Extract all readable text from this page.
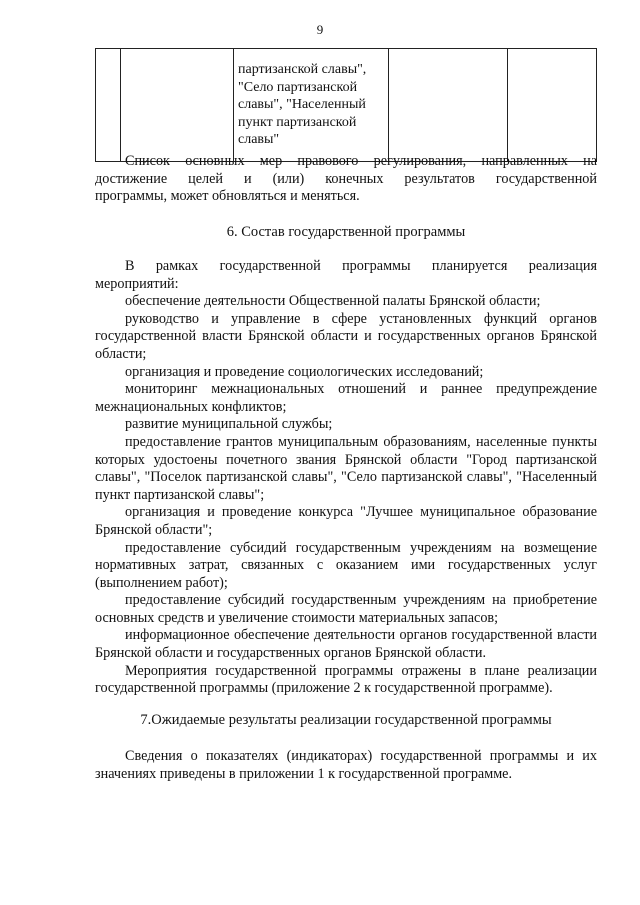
9
партизанской славы",
"Село партизанской
славы", "Населенный
пункт партизанской
славы"
Список основных мер правового регулирования, направленных на
достижение целей и (или) конечных результатов государственной
программы, может обновляться и меняться.
6. Состав государственной программы
В рамках государственной программы планируется реализация
мероприятий:

обеспечение деятельности Общественной палаты Брянской области;

руководство и управление в сфере установленных функций органов государственной власти Брянской области и государственных органов Брянской области;

организация и проведение социологических исследований;

мониторинг межнациональных отношений и раннее предупреждение межнациональных конфликтов;

развитие муниципальной службы;

предоставление грантов муниципальным образованиям, населенные пункты которых удостоены почетного звания Брянской области "Город партизанской славы", "Поселок партизанской славы", "Село партизанской славы", "Населенный пункт партизанской славы";

организация и проведение конкурса "Лучшее муниципальное образование Брянской области";

предоставление субсидий государственным учреждениям на возмещение нормативных затрат, связанных с оказанием ими государственных услуг (выполнением работ);

предоставление субсидий государственным учреждениям на приобретение основных средств и увеличение стоимости материальных запасов;

информационное обеспечение деятельности органов государственной власти Брянской области и государственных органов Брянской области.

Мероприятия государственной программы отражены в плане реализации государственной программы (приложение 2 к государственной программе).

7.Ожидаемые результаты реализации государственной программы

Сведения о показателях (индикаторах) государственной программы и их значениях приведены в приложении 1 к государственной программе.
